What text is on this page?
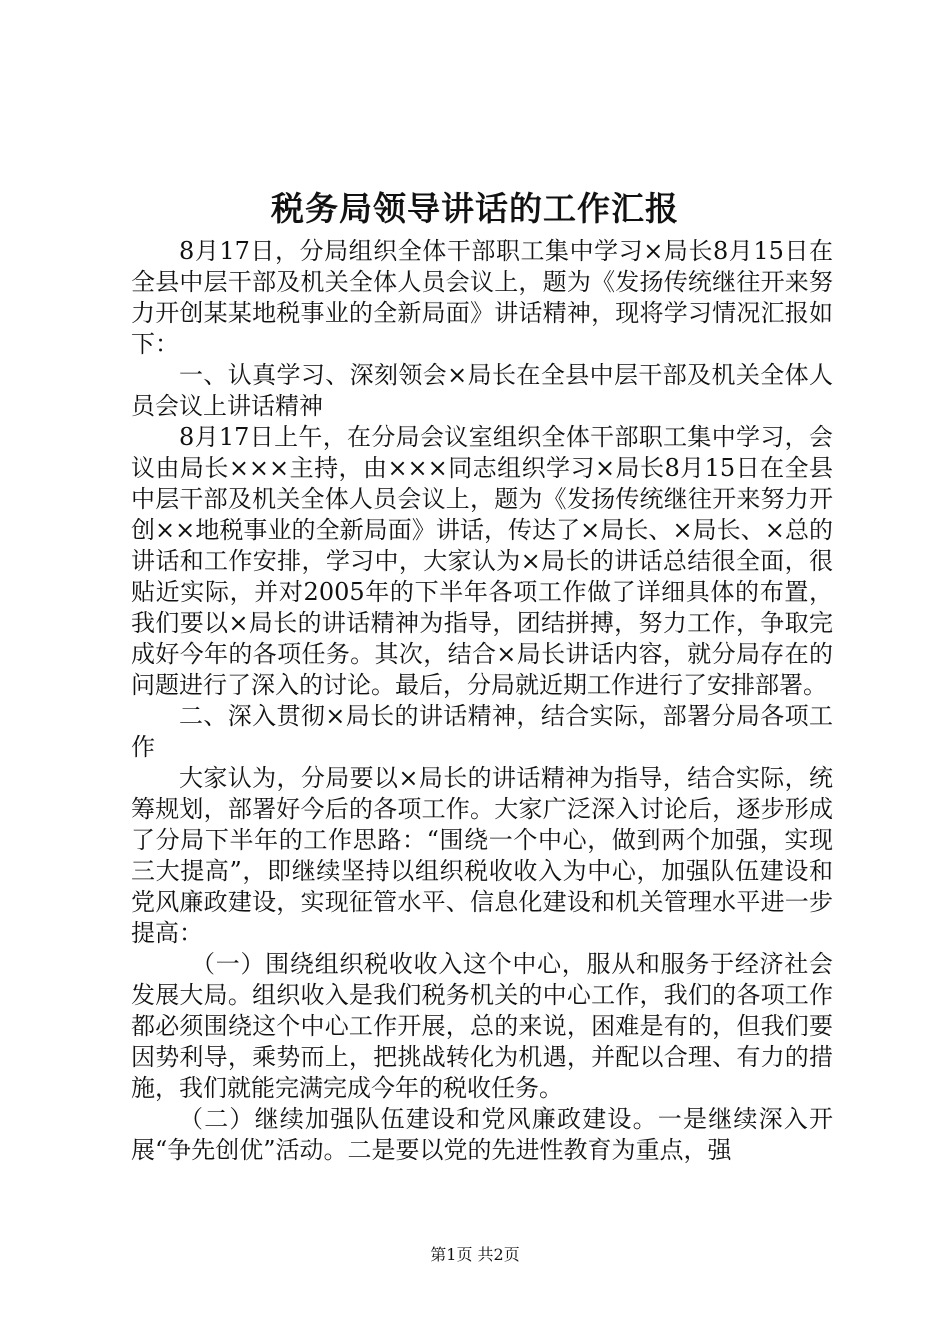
税务局领导讲话的工作汇报

8月17日，分局组织全体干部职工集中学习×局长8月15日在全县中层干部及机关全体人员会议上，题为《发扬传统继往开来努力开创某某地税事业的全新局面》讲话精神，现将学习情况汇报如下：

一、认真学习、深刻领会×局长在全县中层干部及机关全体人员会议上讲话精神

8月17日上午，在分局会议室组织全体干部职工集中学习，会议由局长×××主持，由×××同志组织学习×局长8月15日在全县中层干部及机关全体人员会议上，题为《发扬传统继往开来努力开创××地税事业的全新局面》讲话，传达了×局长、×局长、×总的讲话和工作安排，学习中，大家认为×局长的讲话总结很全面，很贴近实际，并对2005年的下半年各项工作做了详细具体的布置，我们要以×局长的讲话精神为指导，团结拼搏，努力工作，争取完成好今年的各项任务。其次，结合×局长讲话内容，就分局存在的问题进行了深入的讨论。最后，分局就近期工作进行了安排部署。

二、深入贯彻×局长的讲话精神，结合实际，部署分局各项工作

大家认为，分局要以×局长的讲话精神为指导，结合实际，统筹规划，部署好今后的各项工作。大家广泛深入讨论后，逐步形成了分局下半年的工作思路：“围绕一个中心，做到两个加强，实现三大提高”，即继续坚持以组织税收收入为中心，加强队伍建设和党风廉政建设，实现征管水平、信息化建设和机关管理水平进一步提高：

（一）围绕组织税收收入这个中心，服从和服务于经济社会发展大局。组织收入是我们税务机关的中心工作，我们的各项工作都必须围绕这个中心工作开展，总的来说，困难是有的，但我们要因势利导，乘势而上，把挑战转化为机遇，并配以合理、有力的措施，我们就能完满完成今年的税收任务。

（二）继续加强队伍建设和党风廉政建设。一是继续深入开展“争先创优”活动。二是要以党的先进性教育为重点，强

第1页 共2页
